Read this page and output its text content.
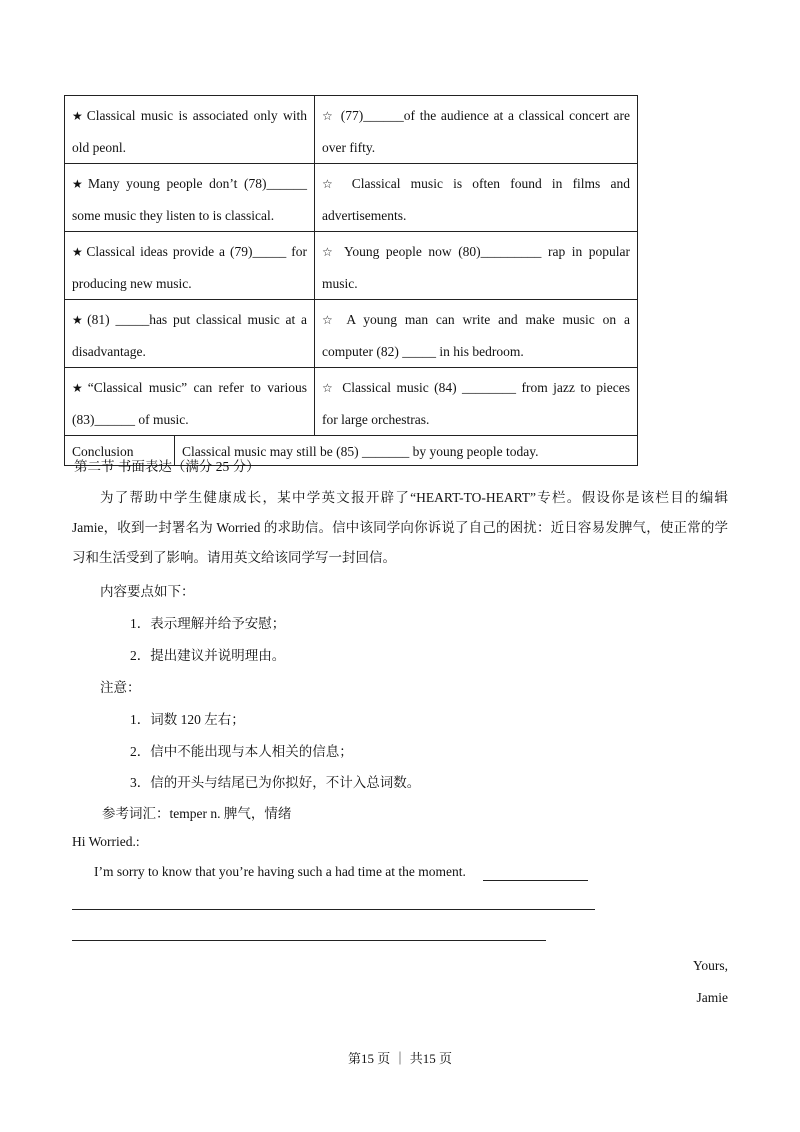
★ Classical music is associated only with old peonl.		☆ (77)______of the audience at a classical concert are over fifty.
★ Many young people don’t (78)______ some music they listen to is classical.		☆ Classical music is often found in films and advertisements.
★ Classical ideas provide a (79)_____ for producing new music.		☆ Young people now (80)_________ rap in popular music.
★ (81) _____has put classical music at a disadvantage.		☆ A young man can write and make music on a computer (82) _____ in his bedroom.
★ “Classical music” can refer to various (83)______ of music.		☆ Classical music (84) ________ from jazz to pieces for large orchestras.
Conclusion	Classical music may still be (85) _______ by young people today.	
第二节 书面表达（满分 25 分）
为了帮助中学生健康成长，某中学英文报开辟了“HEART-TO-HEART”专栏。假设你是该栏目的编辑Jamie，收到一封署名为 Worried 的求助信。信中该同学向你诉说了自己的困扰：近日容易发脾气，使正常的学习和生活受到了影响。请用英文给该同学写一封回信。
内容要点如下：
1．表示理解并给予安慰；
2．提出建议并说明理由。
注意：
1．词数 120 左右；
2．信中不能出现与本人相关的信息；
3．信的开头与结尾已为你拟好，不计入总词数。
参考词汇：temper n. 脾气，情绪
Hi Worried.:
I’m sorry to know that you’re having such a had time at the moment.
Yours,
Jamie
第15 页 ｜ 共15 页
